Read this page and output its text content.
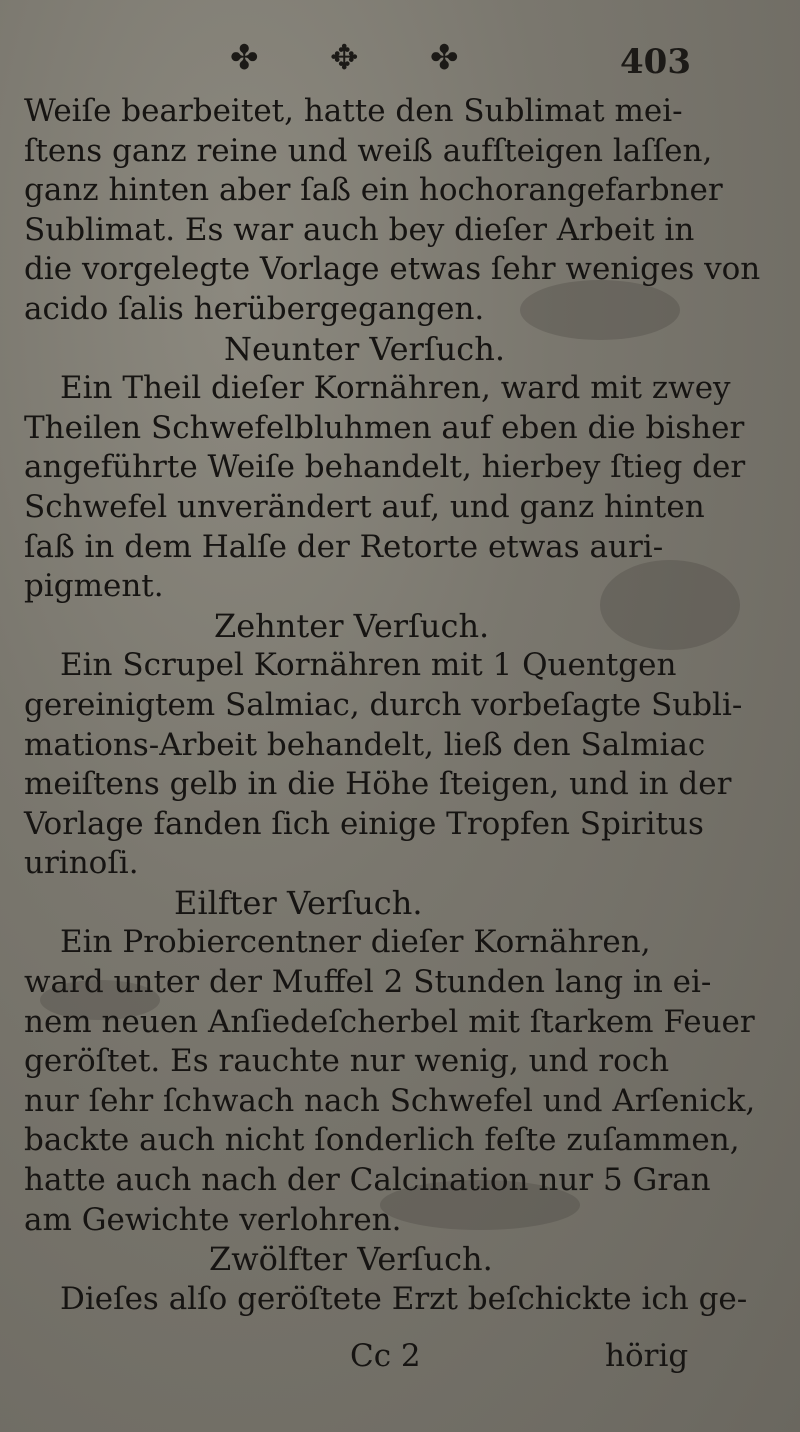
✤ ✥ ✤	403
Weiſe bearbeitet, hatte den Sublimat mei-
ſtens ganz reine und weiß aufſteigen laſſen,
ganz hinten aber ſaß ein hochorangefarbner
Sublimat. Es war auch bey dieſer Arbeit in
die vorgelegte Vorlage etwas ſehr weniges von
acido ſalis herübergegangen.
Neunter Verſuch.
Ein Theil dieſer Kornähren, ward mit zwey
Theilen Schwefelbluhmen auf eben die bisher
angeführte Weiſe behandelt, hierbey ſtieg der
Schwefel unverändert auf, und ganz hinten
ſaß in dem Halſe der Retorte etwas auri-
pigment.
Zehnter Verſuch.
Ein Scrupel Kornähren mit 1 Quentgen
gereinigtem Salmiac, durch vorbeſagte Subli-
mations-Arbeit behandelt, ließ den Salmiac
meiſtens gelb in die Höhe ſteigen, und in der
Vorlage fanden ſich einige Tropfen Spiritus
urinoſi.
Eilfter Verſuch.
Ein Probiercentner dieſer Kornähren,
ward unter der Muffel 2 Stunden lang in ei-
nem neuen Anſiedeſcherbel mit ſtarkem Feuer
geröſtet. Es rauchte nur wenig, und roch
nur ſehr ſchwach nach Schwefel und Arſenick,
backte auch nicht ſonderlich feſte zuſammen,
hatte auch nach der Calcination nur 5 Gran
am Gewichte verlohren.
Zwölfter Verſuch.
Dieſes alſo geröſtete Erzt beſchickte ich ge-
Cc 2	hörig
